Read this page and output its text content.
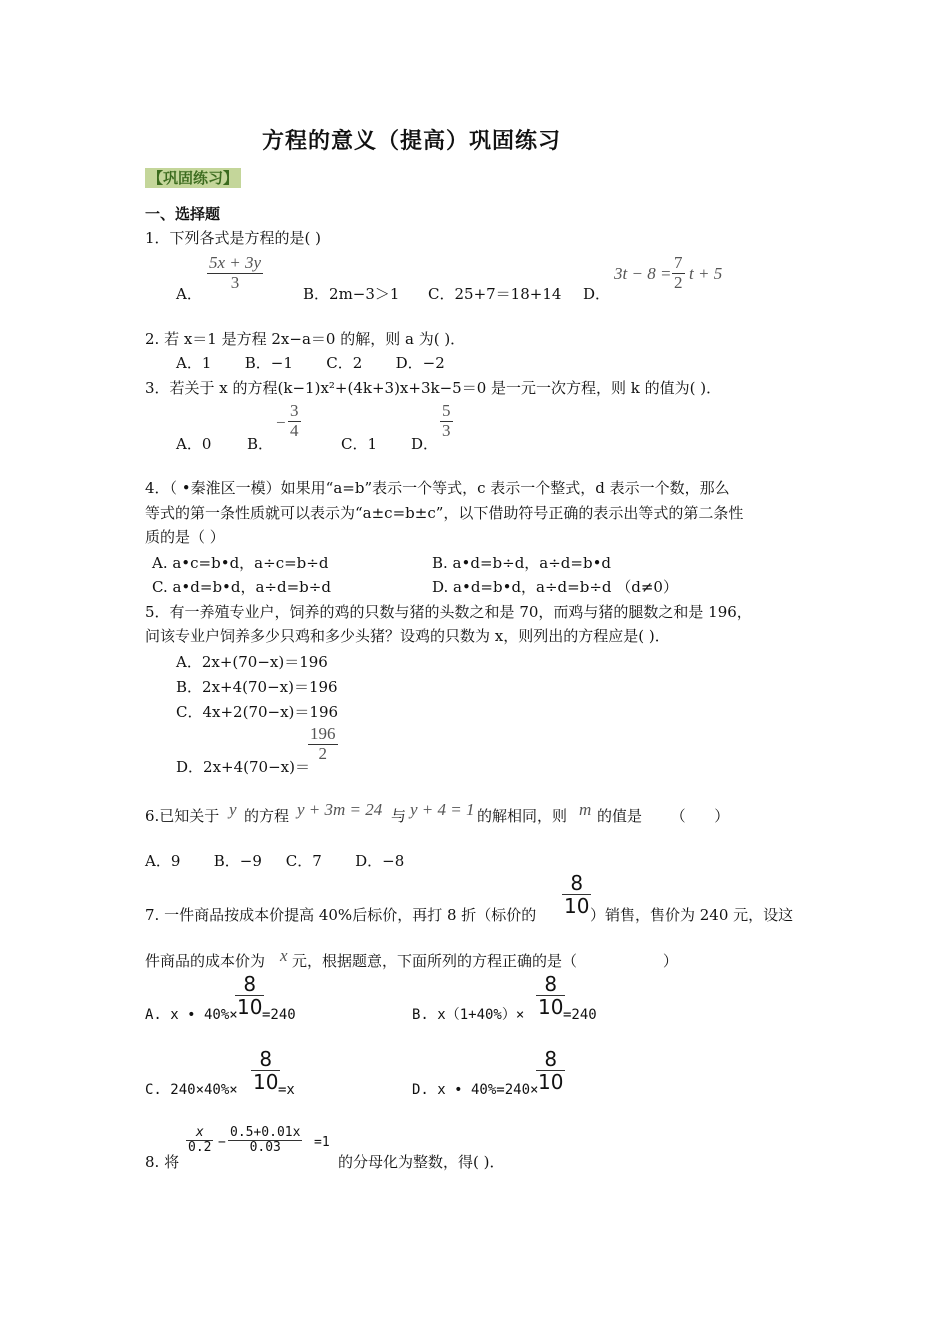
方程的意义（提高）巩固练习
【巩固练习】
一、选择题
1．下列各式是方程的是( )
A．
5x + 3y
3
B．2m−3＞1 C．25+7＝18+14 D．
3t − 8 =
7
2 t + 5
2. 若 x＝1 是方程 2x−a＝0 的解，则 a 为( )．
A．1       B．−1       C．2       D．−2
3．若关于 x 的方程(k−1)x²+(4k+3)x+3k−5＝0 是一元一次方程，则 k 的值为( )．
A．0 B．
−
3
4
C．1 D．
5
3
4．（ •秦淮区一模）如果用“a=b”表示一个等式，c 表示一个整式，d 表示一个数，那么
等式的第一条性质就可以表示为“a±c=b±c”，以下借助符号正确的表示出等式的第二条性
质的是（ ）
A. a•c=b•d，a÷c=b÷d	B. a•d=b÷d，a÷d=b•d
C. a•d=b•d，a÷d=b÷d	D. a•d=b•d，a÷d=b÷d （d≠0）
5．有一养殖专业户，饲养的鸡的只数与猪的头数之和是 70，而鸡与猪的腿数之和是 196，
问该专业户饲养多少只鸡和多少头猪？设鸡的只数为 x，则列出的方程应是( )．
A．2x+(70−x)＝196
B．2x+4(70−x)＝196
C．4x+2(70−x)＝196
D．2x+4(70−x)＝
196
2
6.已知关于 y 的方程 y + 3m = 24 与 y + 4 = 1 的解相同，则 m 的值是      （      ）
A．9       B．−9     C．7       D．−8
7. 一件商品按成本价提高 40%后标价，再打 8 折（标价的
8
10 ）销售，售价为 240 元，设这
件商品的成本价为 x 元，根据题意，下面所列的方程正确的是（                  ）
A. x • 40%×
8
10 =240	B. x（1+40%）×
8
10 =240
C. 240×40%×
8
10 =x	D. x • 40%=240×
8
10
8. 将
x
0.2 −
0.5+0.01x
0.03	=1
的分母化为整数，得( )．
